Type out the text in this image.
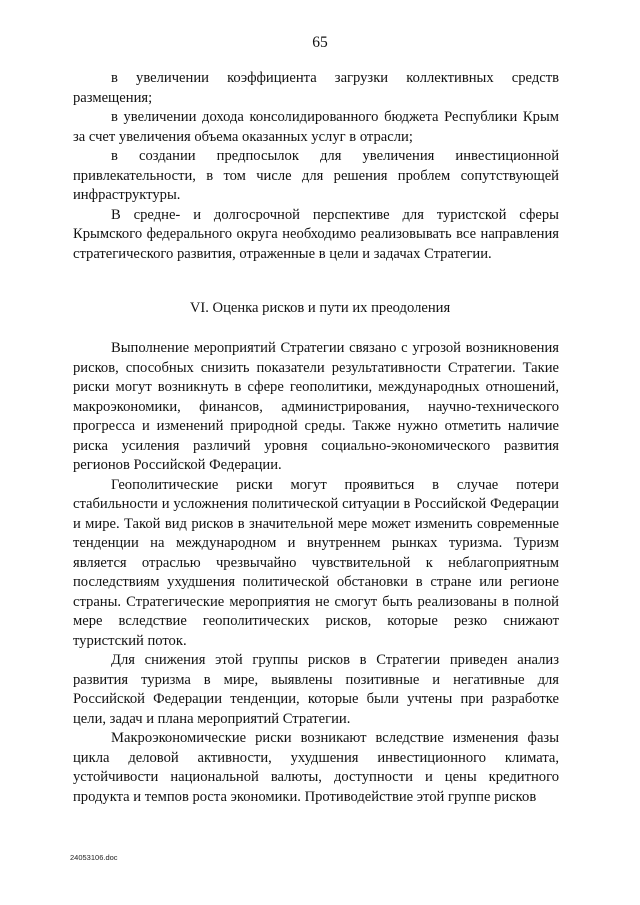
65

в увеличении коэффициента загрузки коллективных средств размещения;

в увеличении дохода консолидированного бюджета Республики Крым за счет увеличения объема оказанных услуг в отрасли;

в создании предпосылок для увеличения инвестиционной привлекательности, в том числе для решения проблем сопутствующей инфраструктуры.

В средне- и долгосрочной перспективе для туристской сферы Крымского федерального округа необходимо реализовывать все направления стратегического развития, отраженные в цели и задачах Стратегии.

VI. Оценка рисков и пути их преодоления

Выполнение мероприятий Стратегии связано с угрозой возникновения рисков, способных снизить показатели результативности Стратегии. Такие риски могут возникнуть в сфере геополитики, международных отношений, макроэкономики, финансов, администрирования, научно-технического прогресса и изменений природной среды. Также нужно отметить наличие риска усиления различий уровня социально-экономического развития регионов Российской Федерации.

Геополитические риски могут проявиться в случае потери стабильности и усложнения политической ситуации в Российской Федерации и мире. Такой вид рисков в значительной мере может изменить современные тенденции на международном и внутреннем рынках туризма. Туризм является отраслью чрезвычайно чувствительной к неблагоприятным последствиям ухудшения политической обстановки в стране или регионе страны. Стратегические мероприятия не смогут быть реализованы в полной мере вследствие геополитических рисков, которые резко снижают туристский поток.

Для снижения этой группы рисков в Стратегии приведен анализ развития туризма в мире, выявлены позитивные и негативные для Российской Федерации тенденции, которые были учтены при разработке цели, задач и плана мероприятий Стратегии.

Макроэкономические риски возникают вследствие изменения фазы цикла деловой активности, ухудшения инвестиционного климата, устойчивости национальной валюты, доступности и цены кредитного продукта и темпов роста экономики. Противодействие этой группе рисков

24053106.doc
